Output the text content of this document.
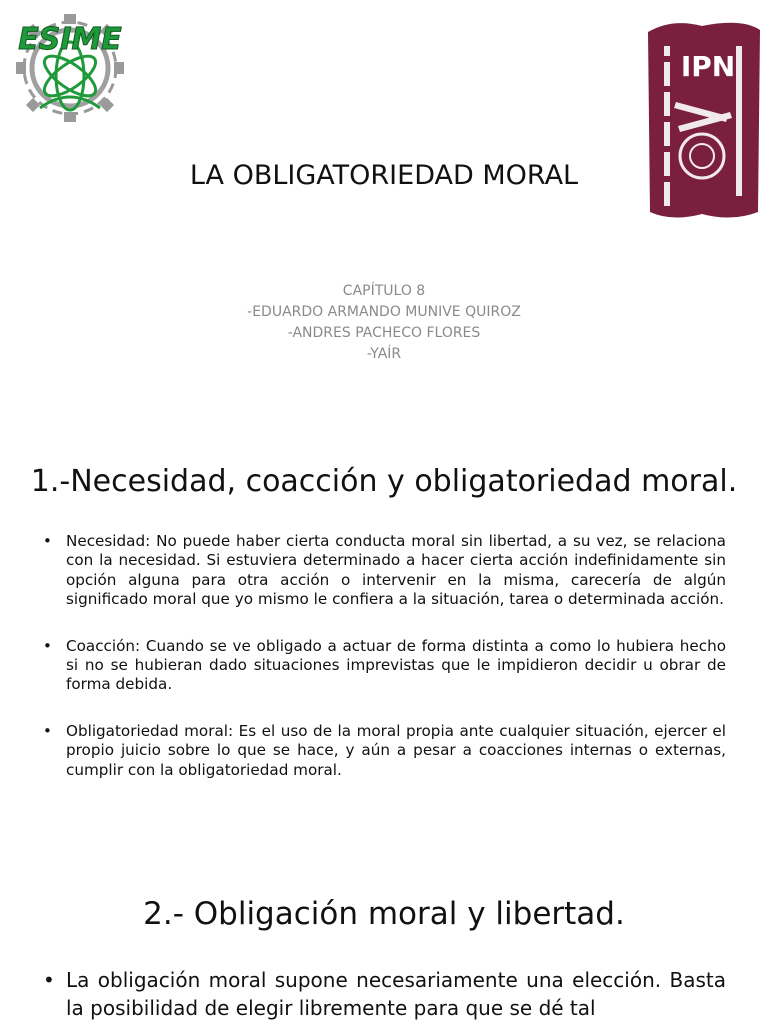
ESIME
LA OBLIGATORIEDAD MORAL
CAPÍTULO 8
-EDUARDO ARMANDO MUNIVE QUIROZ
-ANDRES PACHECO FLORES
-YAÍR
IPN
1.-Necesidad, coacción y obligatoriedad moral.
• Necesidad: No puede haber cierta conducta moral sin libertad, a su vez, se relaciona con la necesidad. Si estuviera determinado a hacer cierta acción indefinidamente sin opción alguna para otra acción o intervenir en la misma, carecería de algún significado moral que yo mismo le confiera a la situación, tarea o determinada acción.
• Coacción: Cuando se ve obligado a actuar de forma distinta a como lo hubiera hecho si no se hubieran dado situaciones imprevistas que le impidieron decidir u obrar de forma debida.
• Obligatoriedad moral: Es el uso de la moral propia ante cualquier situación, ejercer el propio juicio sobre lo que se hace, y aún a pesar a coacciones internas o externas, cumplir con la obligatoriedad moral.
2.- Obligación moral y libertad.
• La obligación moral supone necesariamente una elección. Basta la posibilidad de elegir libremente para que se dé tal
